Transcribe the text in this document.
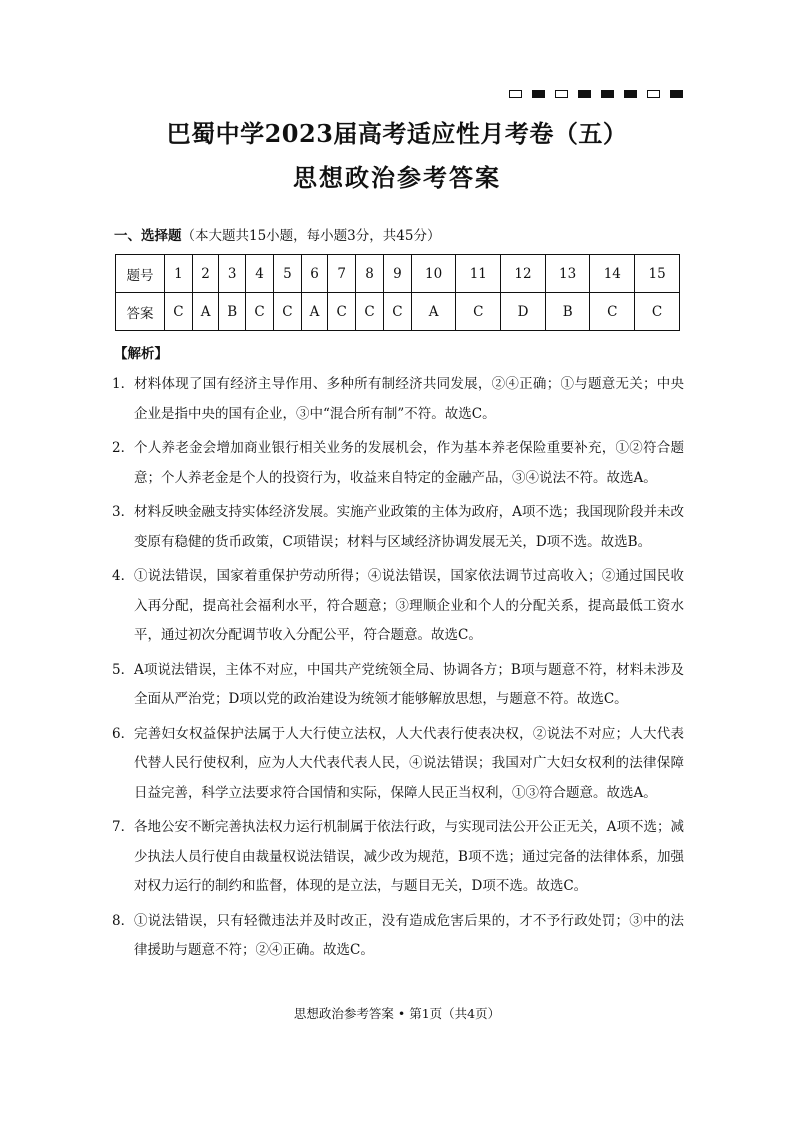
巴蜀中学2023届高考适应性月考卷（五）
思想政治参考答案
一、选择题（本大题共15小题，每小题3分，共45分）
题号	1	2	3	4	5	6	7	8	9	10	11	12	13	14	15
答案	C	A	B	C	C	A	C	C	C	A	C	D	B	C	C
【解析】
1． 材料体现了国有经济主导作用、多种所有制经济共同发展，②④正确；①与题意无关；中央企业是指中央的国有企业，③中“混合所有制”不符。故选C。
2． 个人养老金会增加商业银行相关业务的发展机会，作为基本养老保险重要补充，①②符合题意；个人养老金是个人的投资行为，收益来自特定的金融产品，③④说法不符。故选A。
3． 材料反映金融支持实体经济发展。实施产业政策的主体为政府，A项不选；我国现阶段并未改变原有稳健的货币政策，C项错误；材料与区域经济协调发展无关，D项不选。故选B。
4． ①说法错误，国家着重保护劳动所得；④说法错误，国家依法调节过高收入；②通过国民收入再分配，提高社会福利水平，符合题意；③理顺企业和个人的分配关系，提高最低工资水平，通过初次分配调节收入分配公平，符合题意。故选C。
5． A项说法错误，主体不对应，中国共产党统领全局、协调各方；B项与题意不符，材料未涉及全面从严治党；D项以党的政治建设为统领才能够解放思想，与题意不符。故选C。
6． 完善妇女权益保护法属于人大行使立法权，人大代表行使表决权，②说法不对应；人大代表代替人民行使权利，应为人大代表代表人民，④说法错误；我国对广大妇女权利的法律保障日益完善，科学立法要求符合国情和实际，保障人民正当权利，①③符合题意。故选A。
7． 各地公安不断完善执法权力运行机制属于依法行政，与实现司法公开公正无关，A项不选；减少执法人员行使自由裁量权说法错误，减少改为规范，B项不选；通过完备的法律体系，加强对权力运行的制约和监督，体现的是立法，与题目无关，D项不选。故选C。
8． ①说法错误，只有轻微违法并及时改正，没有造成危害后果的，才不予行政处罚；③中的法律援助与题意不符；②④正确。故选C。
思想政治参考答案 • 第1页（共4页）
